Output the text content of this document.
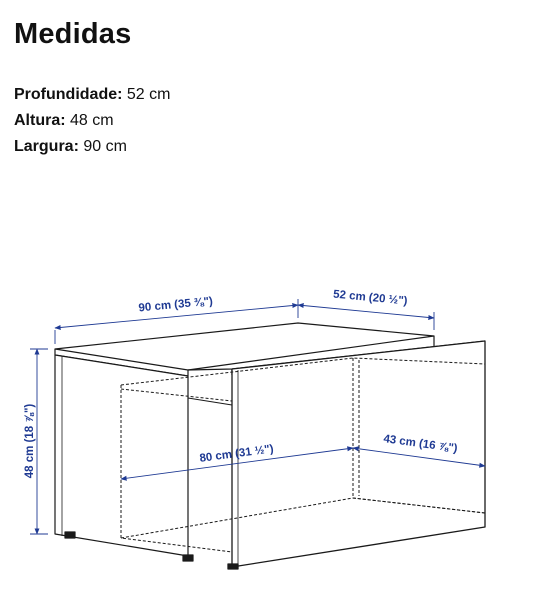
Medidas
Profundidade: 52 cm
Altura: 48 cm
Largura: 90 cm
90 cm (35 ⅜")	52 cm (20 ½")
48 cm (18 ⅞")	80 cm (31 ½")	43 cm (16 ⅞")
